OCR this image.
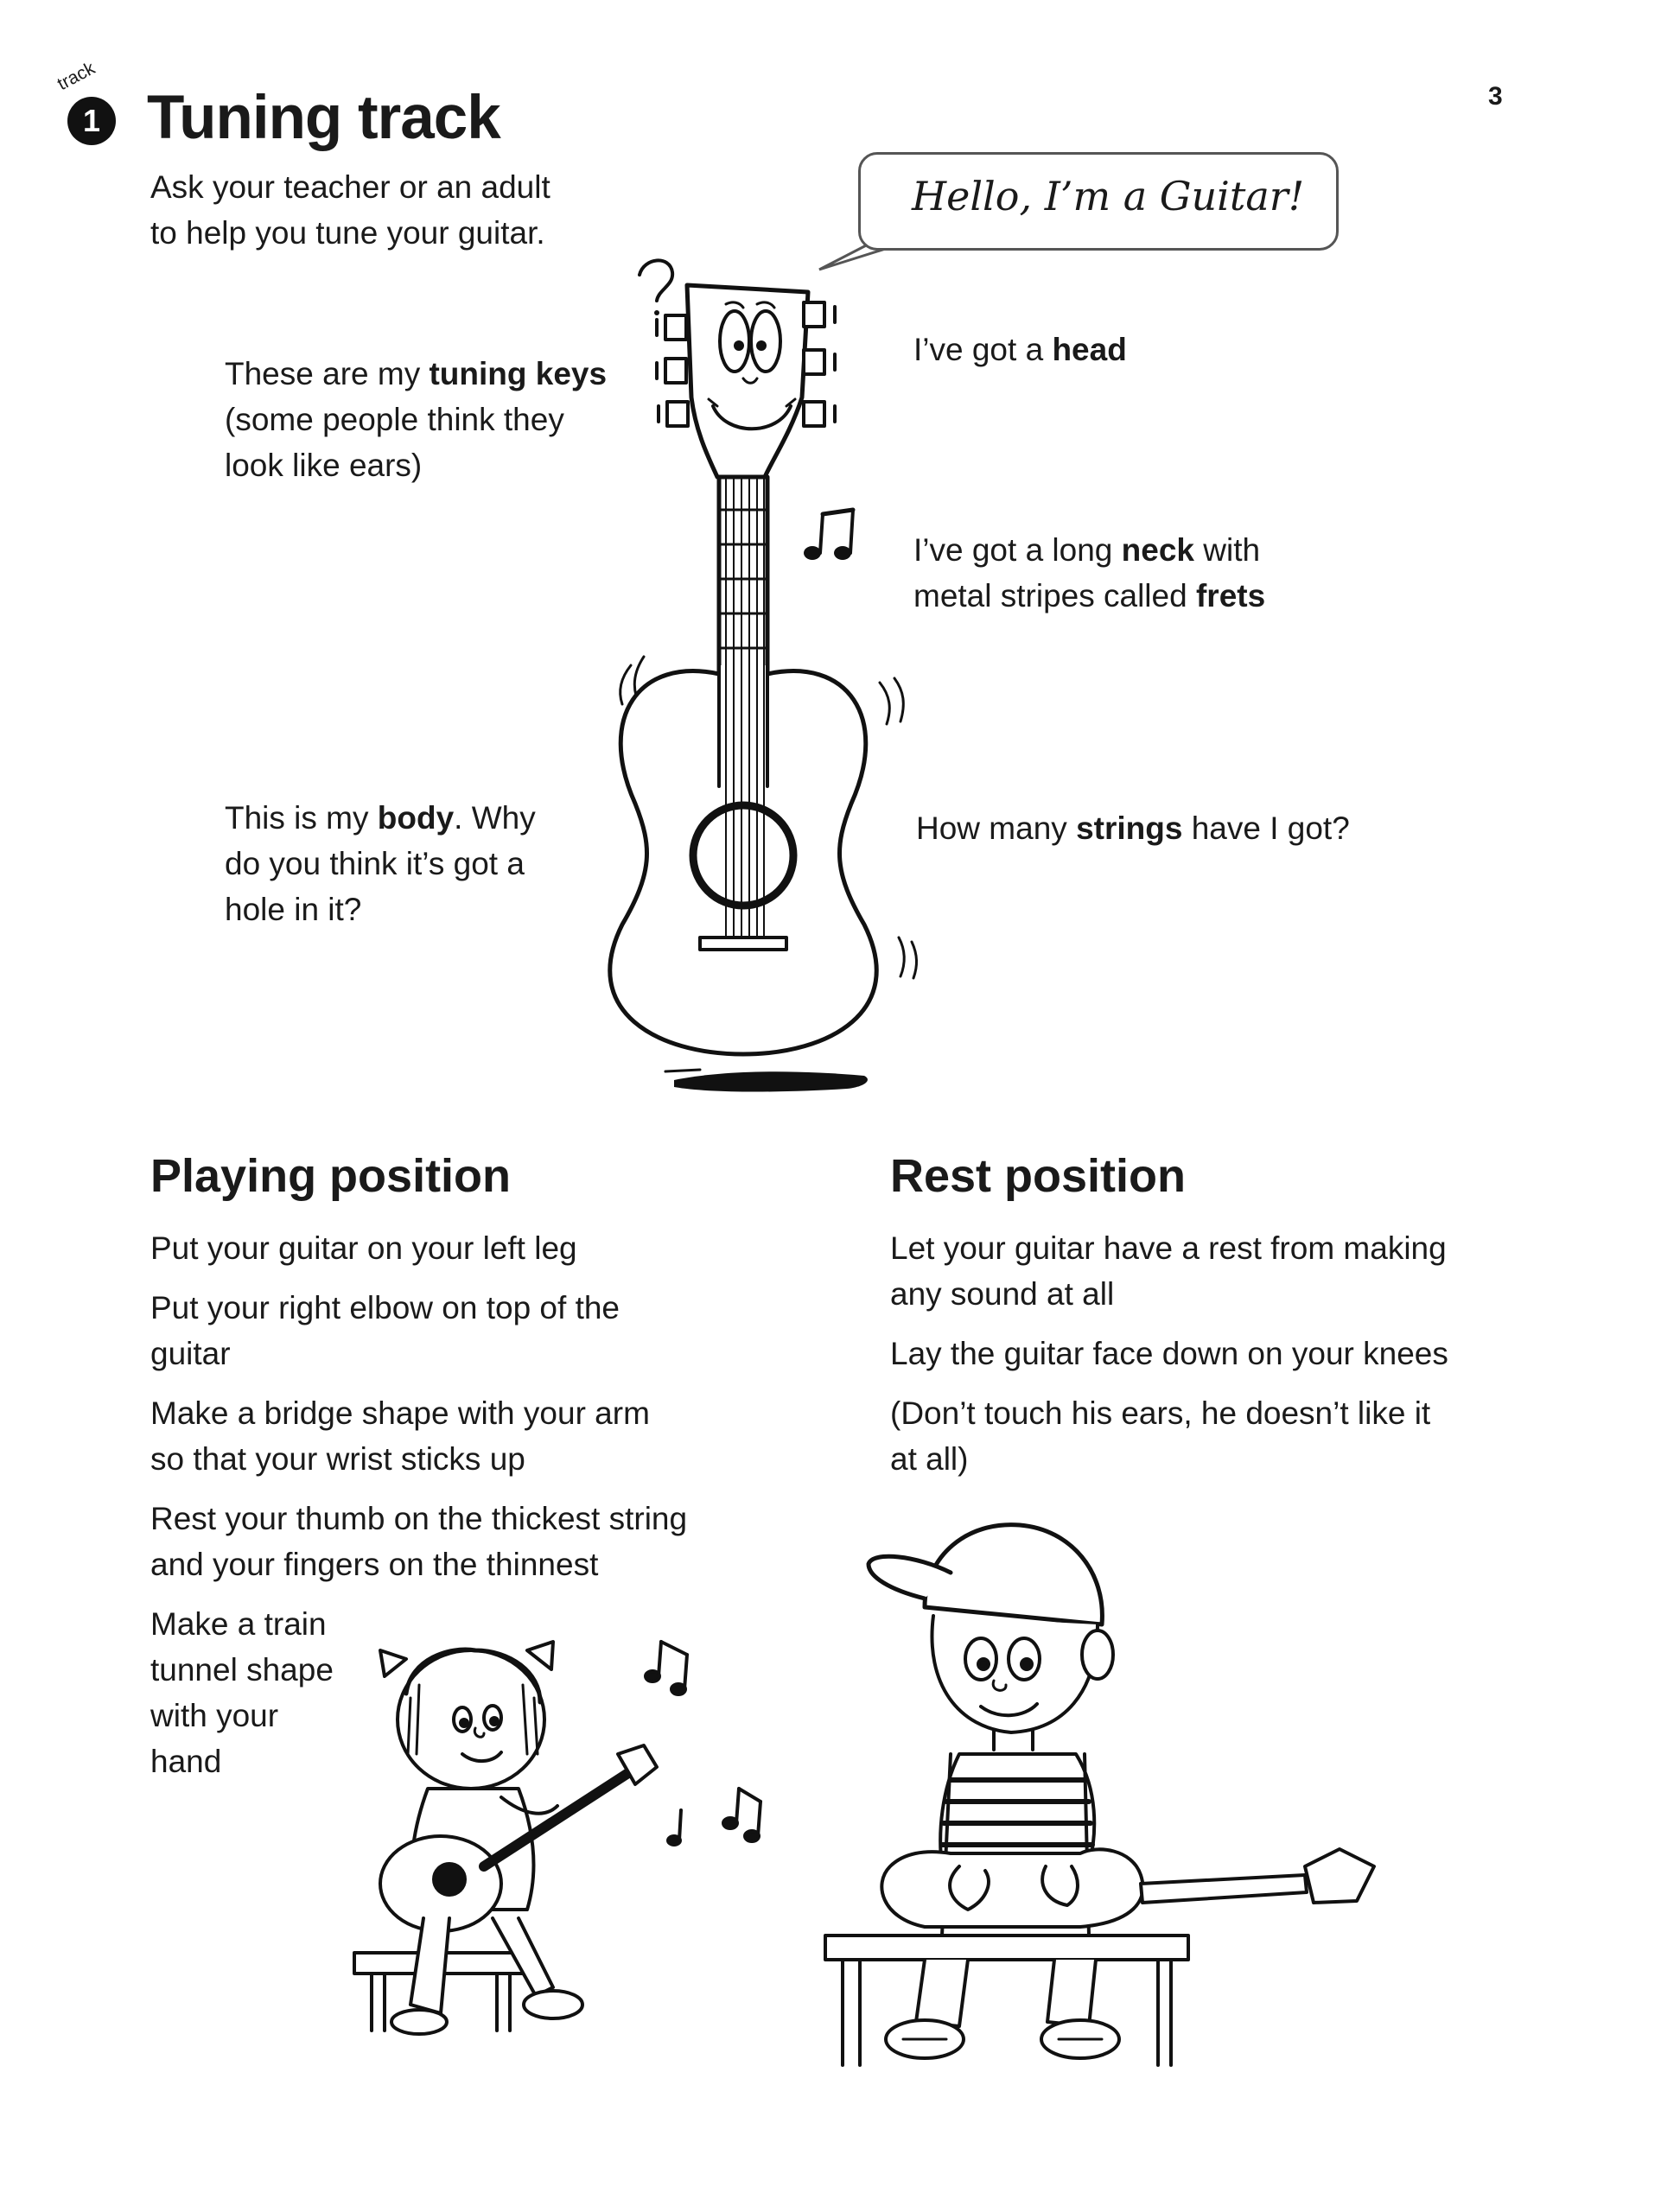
3
track
1 Tuning track
Ask your teacher or an adult
to help you tune your guitar.
Hello, I’m a Guitar!
These are my tuning keys
(some people think they
look like ears)
I’ve got a head
I’ve got a long neck with
metal stripes called frets
This is my body. Why
do you think it’s got a
hole in it?
How many strings have I got?
Playing position
Put your guitar on your left leg
Put your right elbow on top of the
guitar
Make a bridge shape with your arm
so that your wrist sticks up
Rest your thumb on the thickest string
and your fingers on the thinnest
Make a train
tunnel shape
with your
hand
Rest position
Let your guitar have a rest from making
any sound at all
Lay the guitar face down on your knees
(Don’t touch his ears, he doesn’t like it
at all)
